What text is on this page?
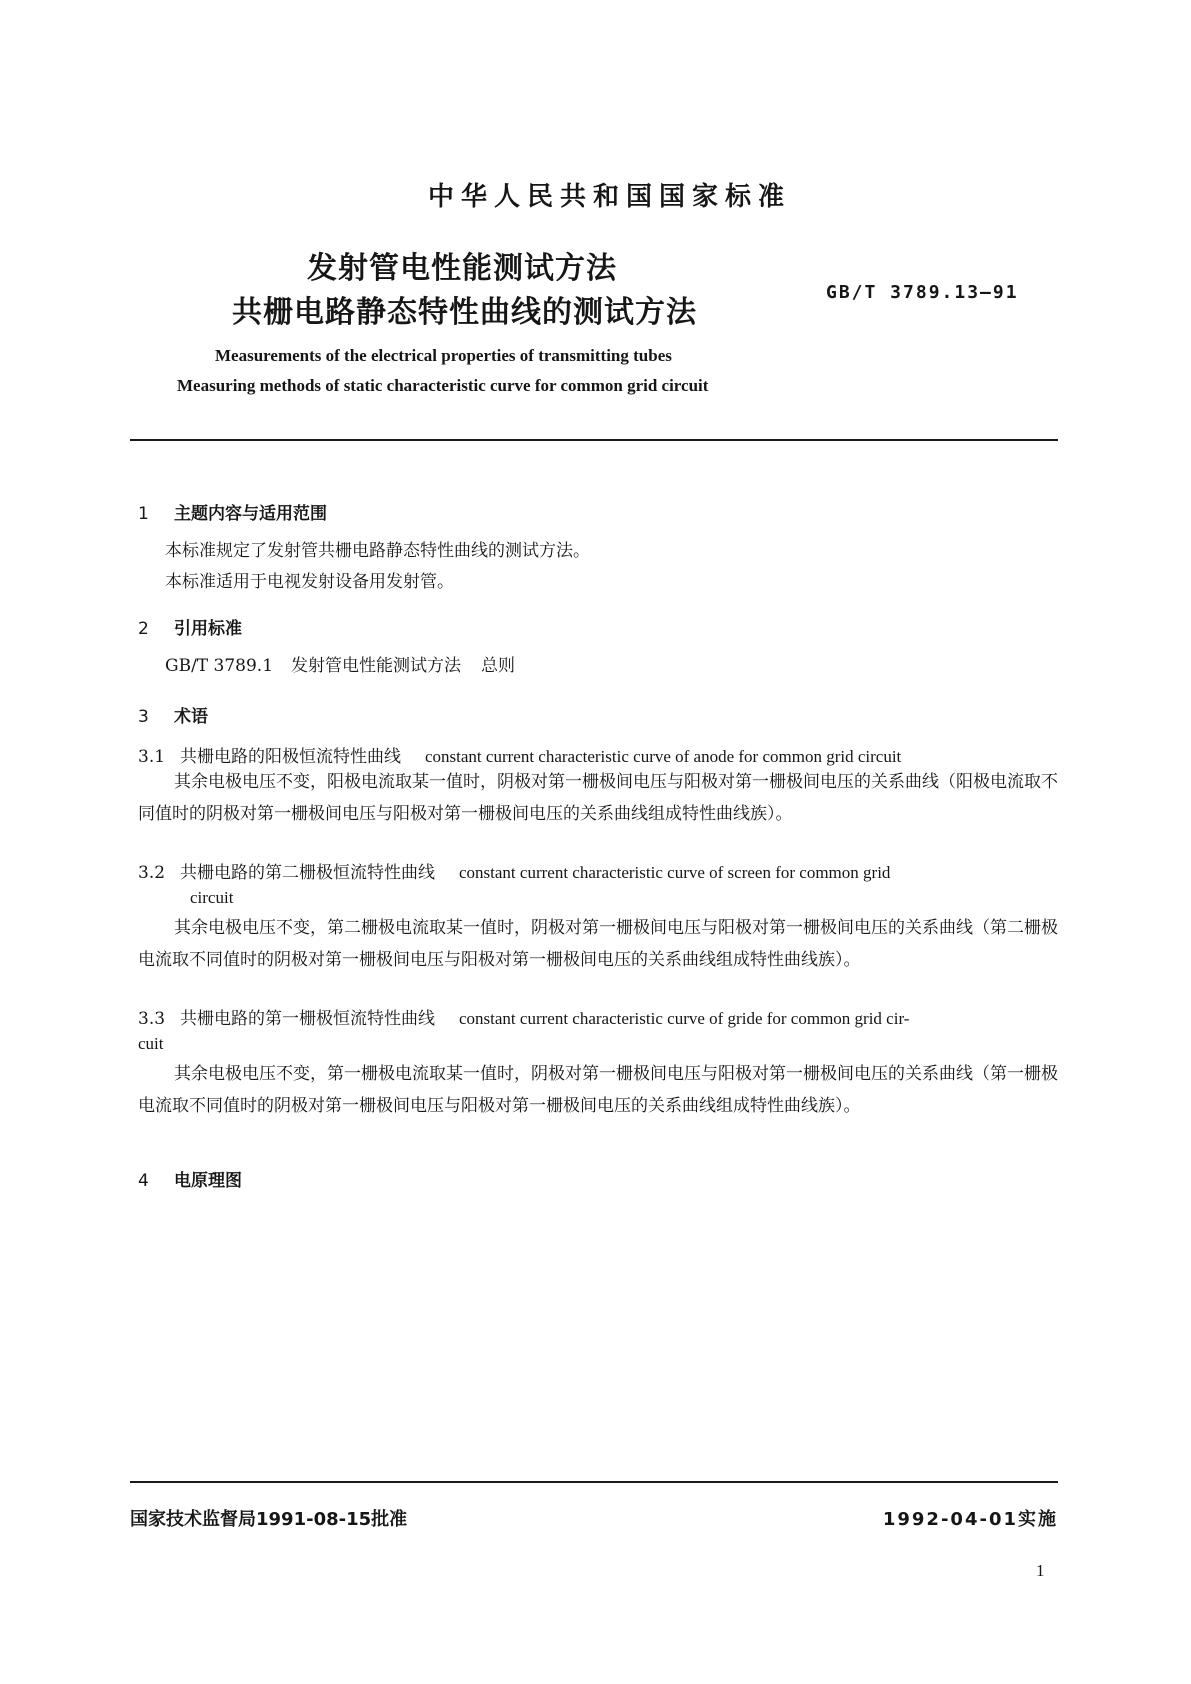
中华人民共和国国家标准
发射管电性能测试方法
共栅电路静态特性曲线的测试方法
GB/T 3789.13—91
Measurements of the electrical properties of transmitting tubes
Measuring methods of static characteristic curve for common grid circuit
1 主题内容与适用范围
本标准规定了发射管共栅电路静态特性曲线的测试方法。
本标准适用于电视发射设备用发射管。
2 引用标准
GB/T 3789.1 发射管电性能测试方法 总则
3 术语
3.1 共栅电路的阳极恒流特性曲线 constant current characteristic curve of anode for common grid circuit
其余电极电压不变，阳极电流取某一值时，阴极对第一栅极间电压与阳极对第一栅极间电压的关系曲线（阳极电流取不同值时的阴极对第一栅极间电压与阳极对第一栅极间电压的关系曲线组成特性曲线族）。
3.2 共栅电路的第二栅极恒流特性曲线 constant current characteristic curve of screen for common grid
circuit
其余电极电压不变，第二栅极电流取某一值时，阴极对第一栅极间电压与阳极对第一栅极间电压的关系曲线（第二栅极电流取不同值时的阴极对第一栅极间电压与阳极对第一栅极间电压的关系曲线组成特性曲线族）。
3.3 共栅电路的第一栅极恒流特性曲线 constant current characteristic curve of gride for common grid cir-
cuit
其余电极电压不变，第一栅极电流取某一值时，阴极对第一栅极间电压与阳极对第一栅极间电压的关系曲线（第一栅极电流取不同值时的阴极对第一栅极间电压与阳极对第一栅极间电压的关系曲线组成特性曲线族）。
4 电原理图
国家技术监督局1991-08-15批准	1992-04-01实施
1
